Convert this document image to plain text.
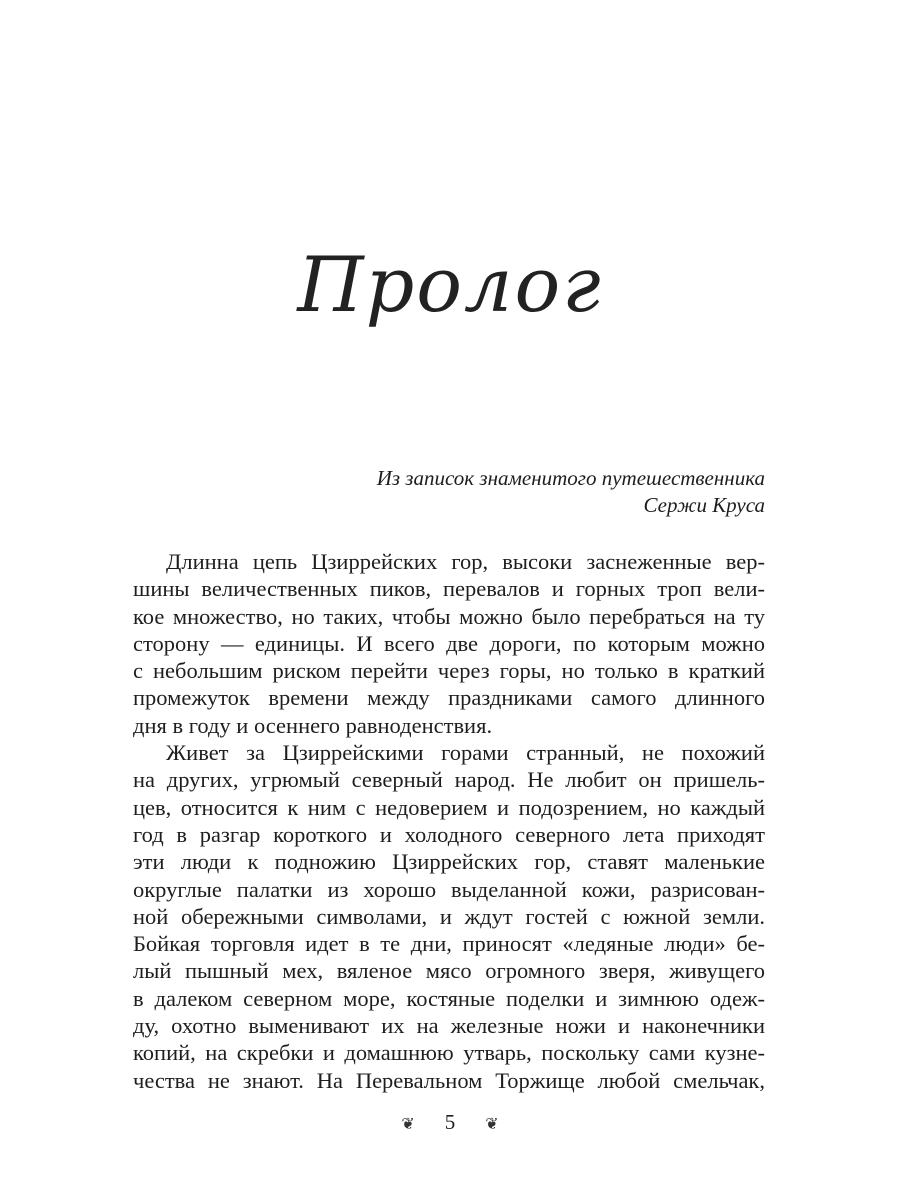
Пролог
Из записок знаменитого путешественника
Сержи Круса
Длинна цепь Цзиррейских гор, высоки заснеженные вер-
шины величественных пиков, перевалов и горных троп вели-
кое множество, но таких, чтобы можно было перебраться на ту
сторону — единицы. И всего две дороги, по которым можно
с небольшим риском перейти через горы, но только в краткий
промежуток времени между праздниками самого длинного
дня в году и осеннего равноденствия.
Живет за Цзиррейскими горами странный, не похожий
на других, угрюмый северный народ. Не любит он пришель-
цев, относится к ним с недоверием и подозрением, но каждый
год в разгар короткого и холодного северного лета приходят
эти люди к подножию Цзиррейских гор, ставят маленькие
округлые палатки из хорошо выделанной кожи, разрисован-
ной обережными символами, и ждут гостей с южной земли.
Бойкая торговля идет в те дни, приносят «ледяные люди» бе-
лый пышный мех, вяленое мясо огромного зверя, живущего
в далеком северном море, костяные поделки и зимнюю одеж-
ду, охотно выменивают их на железные ножи и наконечники
копий, на скребки и домашнюю утварь, поскольку сами кузне-
чества не знают. На Перевальном Торжище любой смельчак,
❦ 5 ❦
